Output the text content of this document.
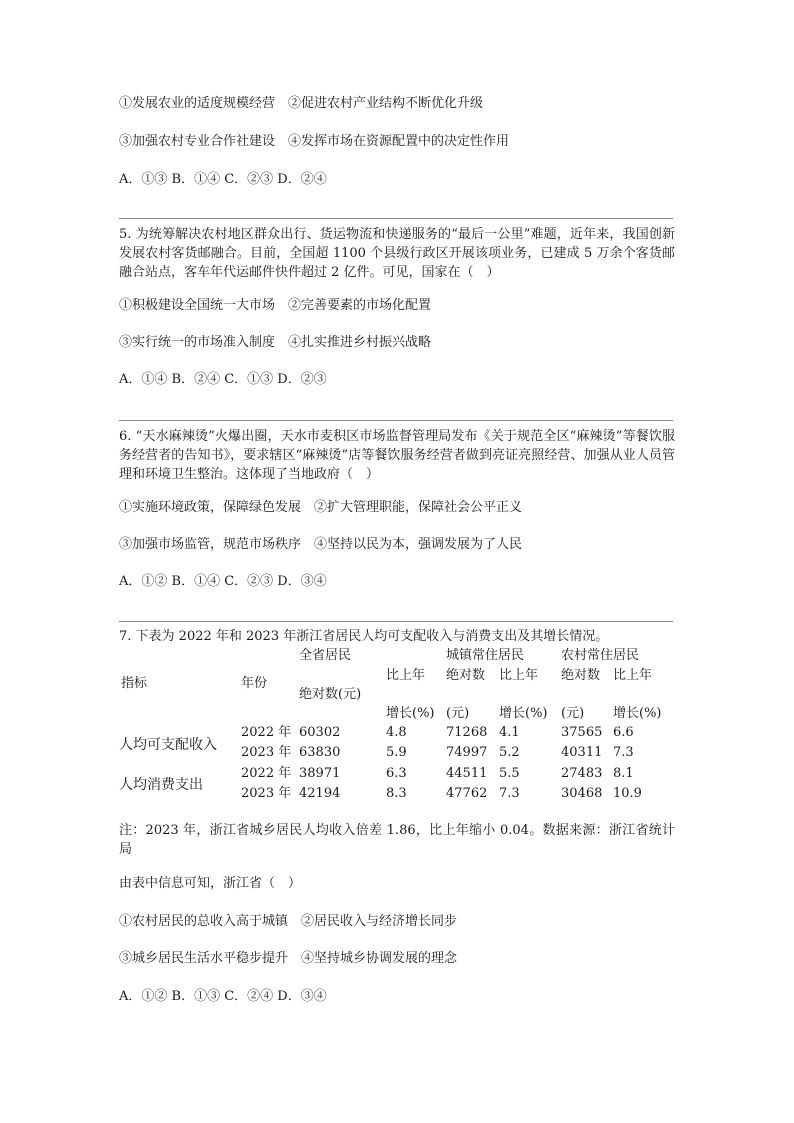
①发展农业的适度规模经营　②促进农村产业结构不断优化升级
③加强农村专业合作社建设　④发挥市场在资源配置中的决定性作用
A．①③ B．①④ C．②③ D．②④
5. 为统筹解决农村地区群众出行、货运物流和快递服务的“最后一公里”难题，近年来，我国创新发展农村客货邮融合。目前，全国超 1100 个县级行政区开展该项业务，已建成 5 万余个客货邮融合站点，客车年代运邮件快件超过 2 亿件。可见，国家在（　）
①积极建设全国统一大市场　②完善要素的市场化配置
③实行统一的市场准入制度　④扎实推进乡村振兴战略
A．①④ B．②④ C．①③ D．②③
6. “天水麻辣烫”火爆出圈，天水市麦积区市场监督管理局发布《关于规范全区“麻辣烫”等餐饮服务经营者的告知书》，要求辖区“麻辣烫”店等餐饮服务经营者做到亮证亮照经营、加强从业人员管理和环境卫生整治。这体现了当地政府（　）
①实施环境政策，保障绿色发展　②扩大管理职能，保障社会公平正义
③加强市场监管，规范市场秩序　④坚持以民为本，强调发展为了人民
A．①② B．①④ C．②③ D．③④
7. 下表为 2022 年和 2023 年浙江省居民人均可支配收入与消费支出及其增长情况。
全省居民	城镇常住居民	农村常住居民
比上年 绝对数 比上年 绝对数 比上年
指标	年份
绝对数(元)
增长(%) (元) 增长(%) (元) 增长(%)
人均可支配收入
人均消费支出
2022 年 60302	4.8	71268 4.1	37565 6.6
2023 年 63830	5.9	74997 5.2	40311 7.3
2022 年 38971	6.3	44511 5.5	27483 8.1
2023 年 42194	8.3	47762 7.3	30468 10.9
注：2023 年，浙江省城乡居民人均收入倍差 1.86，比上年缩小 0.04。数据来源：浙江省统计局
由表中信息可知，浙江省（　）
①农村居民的总收入高于城镇　②居民收入与经济增长同步
③城乡居民生活水平稳步提升　④坚持城乡协调发展的理念
A．①② B．①③ C．②④ D．③④
